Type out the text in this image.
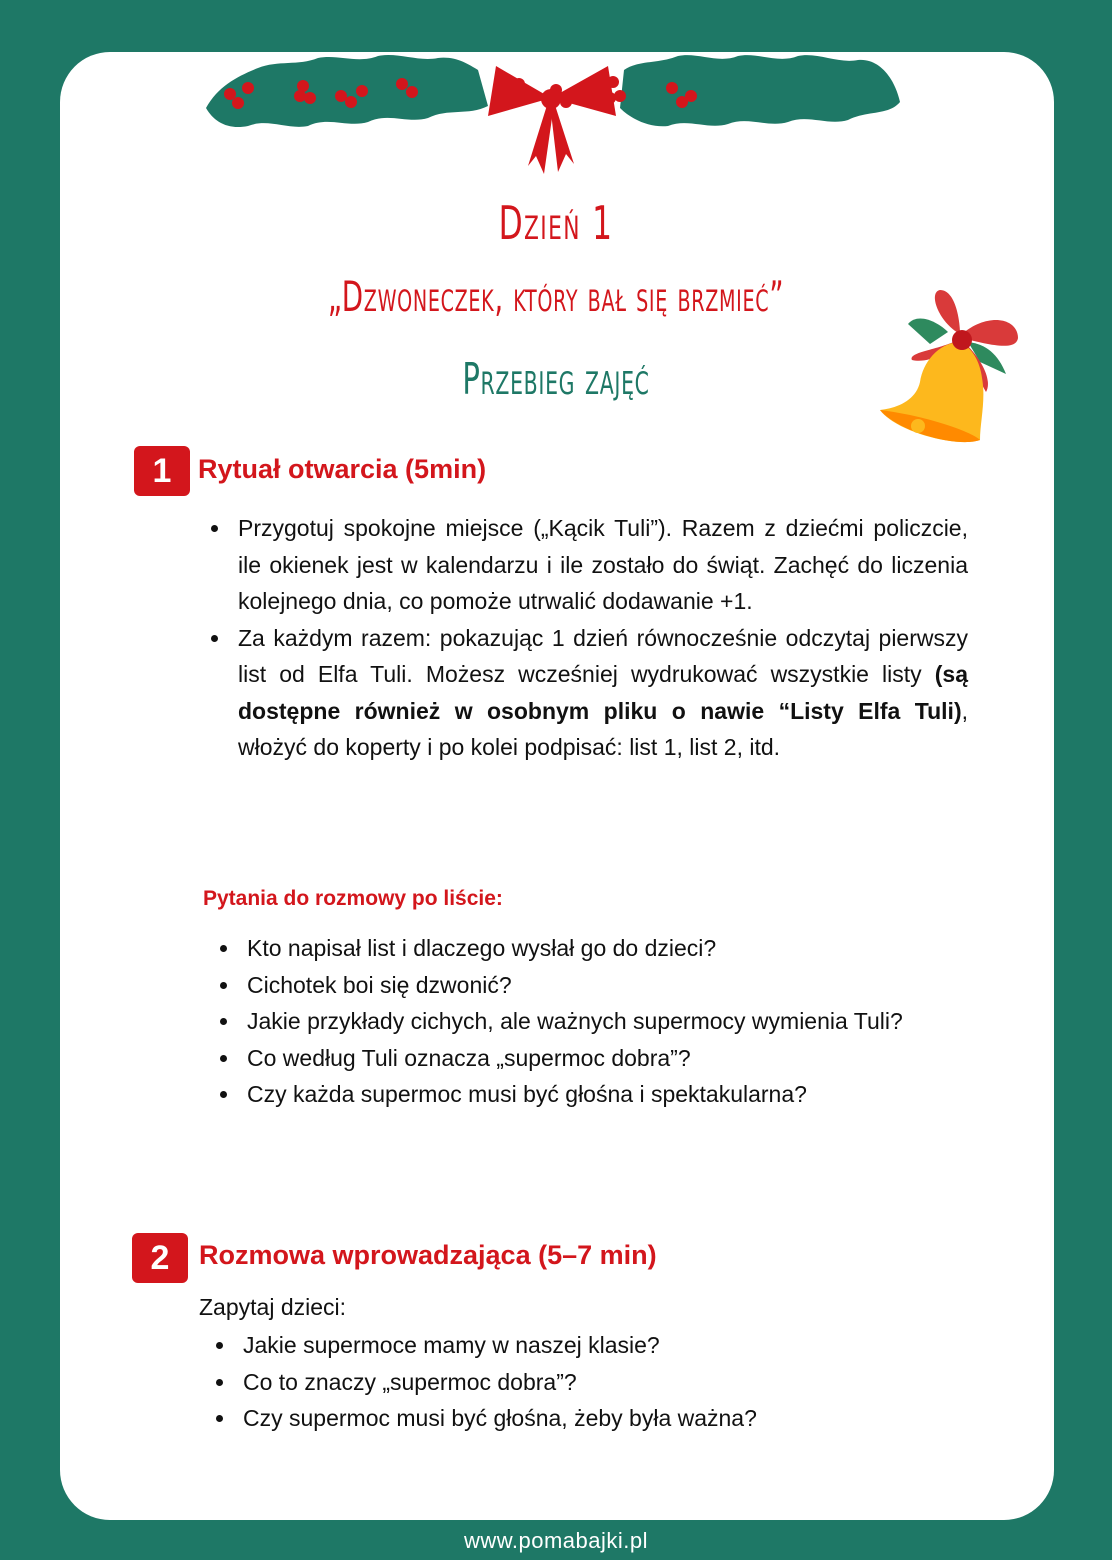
Dzień 1
„Dzwoneczek, który bał się brzmieć”
Przebieg zajęć
1 Rytuał otwarcia (5min)
Przygotuj spokojne miejsce („Kącik Tuli”). Razem z dziećmi policzcie, ile okienek jest w kalendarzu i ile zostało do świąt. Zachęć do liczenia kolejnego dnia, co pomoże utrwalić dodawanie +1.
Za każdym razem: pokazując 1 dzień równocześnie odczytaj pierwszy list od Elfa Tuli. Możesz wcześniej wydrukować wszystkie listy (są dostępne również w osobnym pliku o nawie “Listy Elfa Tuli), włożyć do koperty i po kolei podpisać: list 1, list 2, itd.
Pytania do rozmowy po liście:
Kto napisał list i dlaczego wysłał go do dzieci?
Cichotek boi się dzwonić?
Jakie przykłady cichych, ale ważnych supermocy wymienia Tuli?
Co według Tuli oznacza „supermoc dobra”?
Czy każda supermoc musi być głośna i spektakularna?
2	Rozmowa wprowadzająca (5–7 min)
Zapytaj dzieci:
Jakie supermoce mamy w naszej klasie?
Co to znaczy „supermoc dobra”?
Czy supermoc musi być głośna, żeby była ważna?
www.pomabajki.pl
